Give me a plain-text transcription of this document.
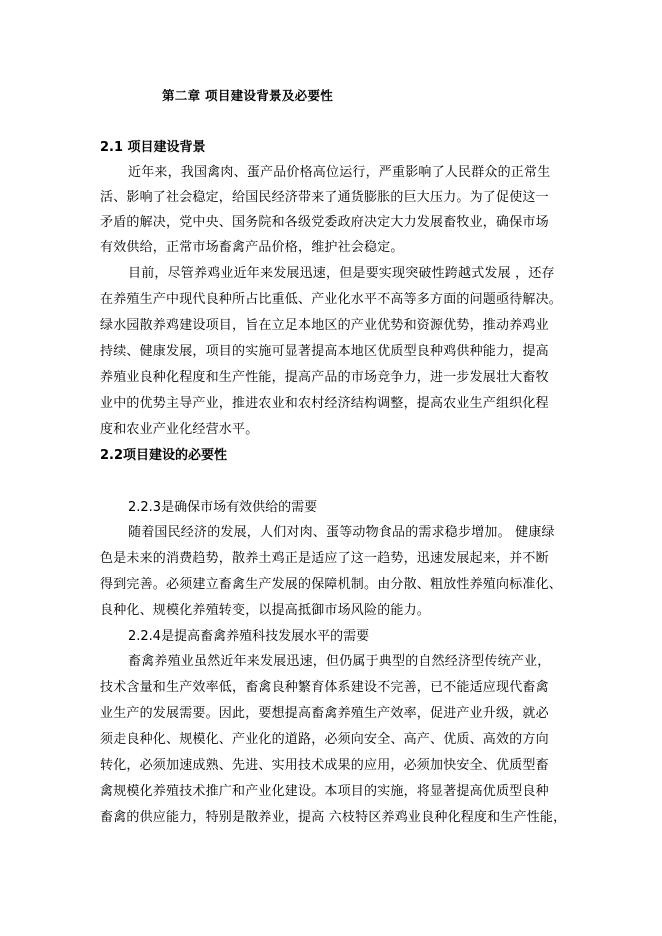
第二章 项目建设背景及必要性
2.1 项目建设背景
近年来，我国禽肉、蛋产品价格高位运行，严重影响了人民群众的正常生
活、影响了社会稳定，给国民经济带来了通货膨胀的巨大压力。为了促使这一
矛盾的解决，党中央、国务院和各级党委政府决定大力发展畜牧业，确保市场
有效供给，正常市场畜禽产品价格，维护社会稳定。
目前，尽管养鸡业近年来发展迅速，但是要实现突破性跨越式发展 ，还存
在养殖生产中现代良种所占比重低、产业化水平不高等多方面的问题亟待解决。
绿水园散养鸡建设项目，旨在立足本地区的产业优势和资源优势，推动养鸡业
持续、健康发展，项目的实施可显著提高本地区优质型良种鸡供种能力，提高
养殖业良种化程度和生产性能，提高产品的市场竞争力，进一步发展壮大畜牧
业中的优势主导产业，推进农业和农村经济结构调整，提高农业生产组织化程
度和农业产业化经营水平。
2.2项目建设的必要性
2.2.3是确保市场有效供给的需要
随着国民经济的发展，人们对肉、蛋等动物食品的需求稳步增加。 健康绿
色是未来的消费趋势，散养土鸡正是适应了这一趋势，迅速发展起来，并不断
得到完善。必须建立畜禽生产发展的保障机制。由分散、粗放性养殖向标准化、
良种化、规模化养殖转变，以提高抵御市场风险的能力。
2.2.4是提高畜禽养殖科技发展水平的需要
畜禽养殖业虽然近年来发展迅速，但仍属于典型的自然经济型传统产业，
技术含量和生产效率低，畜禽良种繁育体系建设不完善，已不能适应现代畜禽
业生产的发展需要。因此，要想提高畜禽养殖生产效率，促进产业升级，就必
须走良种化、规模化、产业化的道路，必须向安全、高产、优质、高效的方向
转化，必须加速成熟、先进、实用技术成果的应用，必须加快安全、优质型畜
禽规模化养殖技术推广和产业化建设。本项目的实施，将显著提高优质型良种
畜禽的供应能力，特别是散养业，提高 六枝特区养鸡业良种化程度和生产性能，
